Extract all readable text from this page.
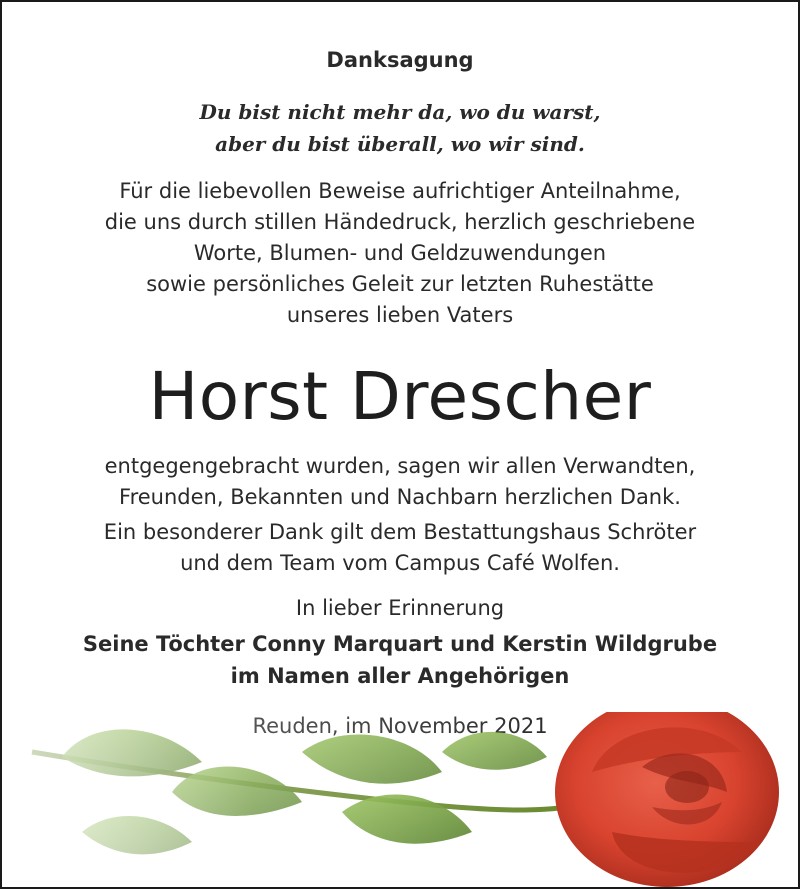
Danksagung
Du bist nicht mehr da, wo du warst,
aber du bist überall, wo wir sind.
Für die liebevollen Beweise aufrichtiger Anteilnahme,
die uns durch stillen Händedruck, herzlich geschriebene
Worte, Blumen- und Geldzuwendungen
sowie persönliches Geleit zur letzten Ruhestätte
unseres lieben Vaters
Horst Drescher
entgegengebracht wurden, sagen wir allen Verwandten,
Freunden, Bekannten und Nachbarn herzlichen Dank.
Ein besonderer Dank gilt dem Bestattungshaus Schröter
und dem Team vom Campus Café Wolfen.
In lieber Erinnerung
Seine Töchter Conny Marquart und Kerstin Wildgrube
im Namen aller Angehörigen
